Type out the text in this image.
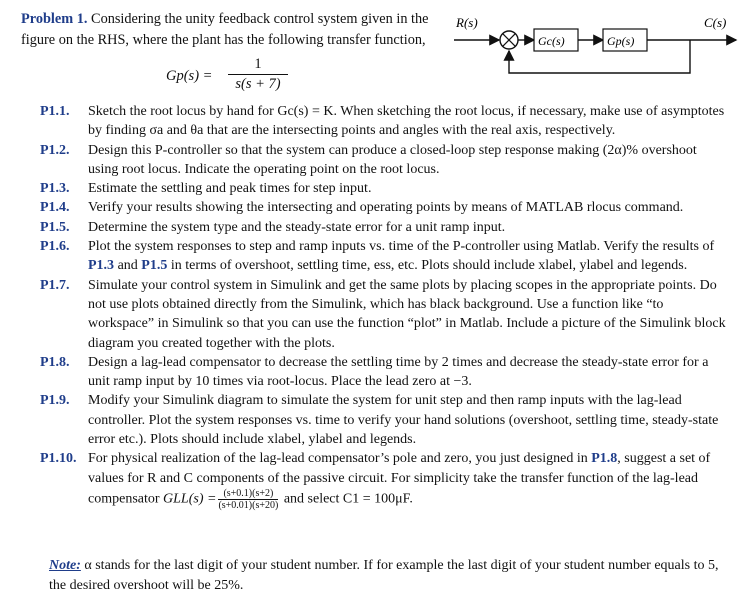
Problem 1. Considering the unity feedback control system given in the figure on the RHS, where the plant has the following transfer function,
$Gp(s) = \frac{1}{s(s + 7)}$
R(s)	C(s)
Gc(s)	Gp(s)
P1.1. Sketch the root locus by hand for Gc(s) = K. When sketching the root locus, if necessary, make use of asymptotes by finding σa and θa that are the intersecting points and angles with the real axis, respectively.
P1.2. Design this P-controller so that the system can produce a closed-loop step response making (2α)% overshoot using root locus. Indicate the operating point on the root locus.
P1.3. Estimate the settling and peak times for step input.
P1.4. Verify your results showing the intersecting and operating points by means of MATLAB rlocus command.
P1.5. Determine the system type and the steady-state error for a unit ramp input.
P1.6. Plot the system responses to step and ramp inputs vs. time of the P-controller using Matlab. Verify the results of P1.3 and P1.5 in terms of overshoot, settling time, ess, etc. Plots should include xlabel, ylabel and legends.
P1.7. Simulate your control system in Simulink and get the same plots by placing scopes in the appropriate points. Do not use plots obtained directly from the Simulink, which has black background. Use a function like “to workspace” in Simulink so that you can use the function “plot” in Matlab. Include a picture of the Simulink block diagram you created together with the plots.
P1.8. Design a lag-lead compensator to decrease the settling time by 2 times and decrease the steady-state error for a unit ramp input by 10 times via root-locus. Place the lead zero at −3.
P1.9. Modify your Simulink diagram to simulate the system for unit step and then ramp inputs with the lag-lead controller. Plot the system responses vs. time to verify your hand solutions (overshoot, settling time, steady-state error etc.). Plots should include xlabel, ylabel and legends.
P1.10. For physical realization of the lag-lead compensator’s pole and zero, you just designed in P1.8, suggest a set of values for R and C components of the passive circuit. For simplicity take the transfer function of the lag-lead compensator $GLL(s) = \frac{(s+0.1)(s+2)}{(s+0.01)(s+20)}$ and select C1 = 100μF.
Note: α stands for the last digit of your student number. If for example the last digit of your student number equals to 5, the desired overshoot will be 25%.
